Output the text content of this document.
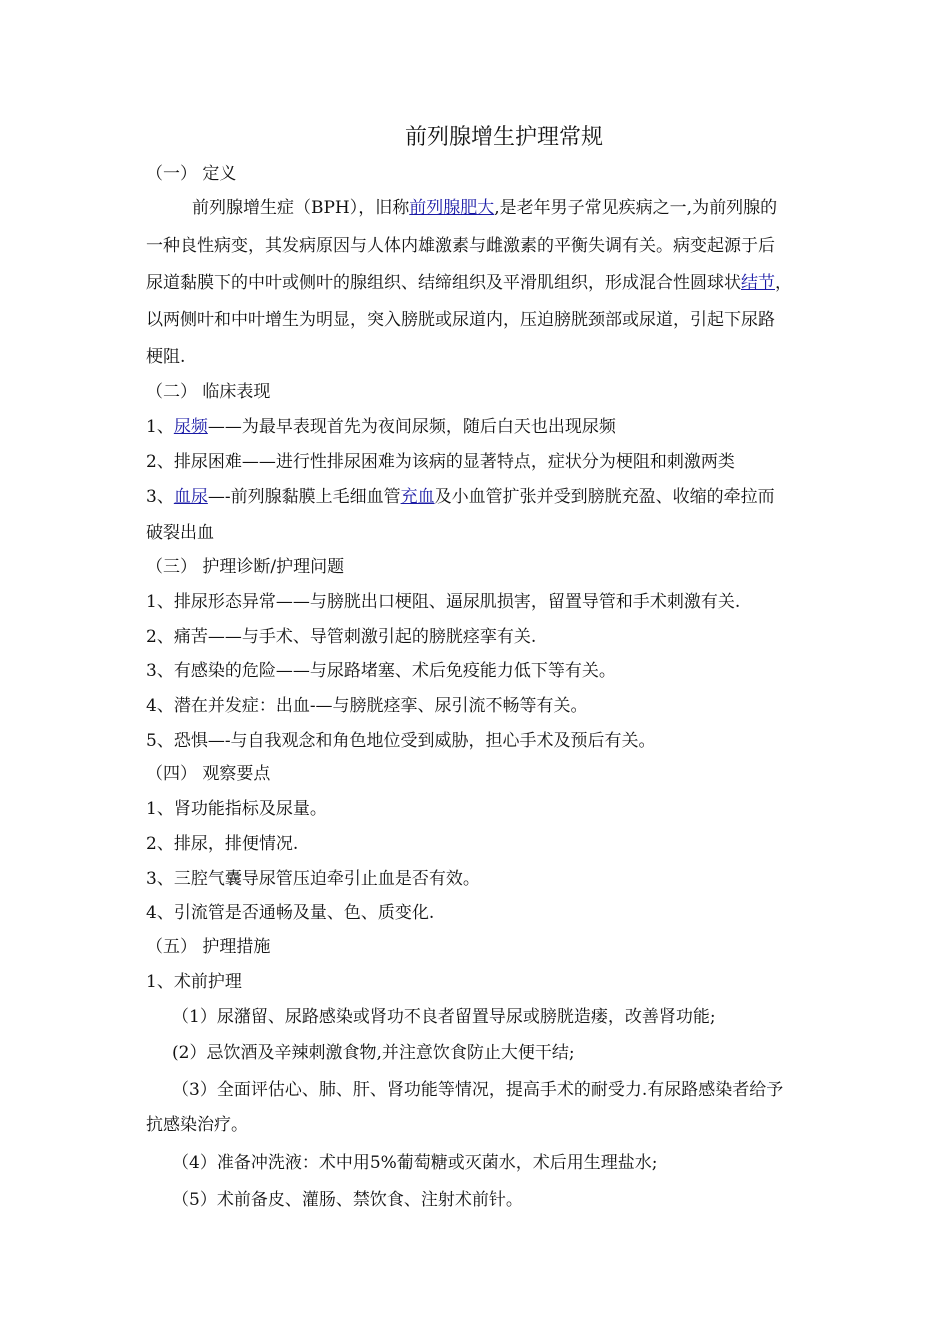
前列腺增生护理常规
（一） 定义
前列腺增生症（BPH），旧称前列腺肥大,是老年男子常见疾病之一,为前列腺的
一种良性病变，其发病原因与人体内雄激素与雌激素的平衡失调有关。病变起源于后
尿道黏膜下的中叶或侧叶的腺组织、结缔组织及平滑肌组织，形成混合性圆球状结节，
以两侧叶和中叶增生为明显，突入膀胱或尿道内，压迫膀胱颈部或尿道，引起下尿路
梗阻.
（二） 临床表现
1、尿频——为最早表现首先为夜间尿频，随后白天也出现尿频
2、排尿困难——进行性排尿困难为该病的显著特点，症状分为梗阻和刺激两类
3、血尿—-前列腺黏膜上毛细血管充血及小血管扩张并受到膀胱充盈、收缩的牵拉而
破裂出血
（三） 护理诊断/护理问题
1、排尿形态异常——与膀胱出口梗阻、逼尿肌损害，留置导管和手术刺激有关.
2、痛苦——与手术、导管刺激引起的膀胱痉挛有关.
3、有感染的危险——与尿路堵塞、术后免疫能力低下等有关。
4、潜在并发症：出血-—与膀胱痉挛、尿引流不畅等有关。
5、恐惧—-与自我观念和角色地位受到威胁，担心手术及预后有关。
（四） 观察要点
1、肾功能指标及尿量。
2、排尿，排便情况.
3、三腔气囊导尿管压迫牵引止血是否有效。
4、引流管是否通畅及量、色、质变化.
（五） 护理措施
1、术前护理
（1）尿潴留、尿路感染或肾功不良者留置导尿或膀胱造瘘，改善肾功能;
(2）忌饮酒及辛辣刺激食物,并注意饮食防止大便干结;
（3）全面评估心、肺、肝、肾功能等情况，提高手术的耐受力.有尿路感染者给予
抗感染治疗。
（4）准备冲洗液：术中用5%葡萄糖或灭菌水，术后用生理盐水;
（5）术前备皮、灌肠、禁饮食、注射术前针。
